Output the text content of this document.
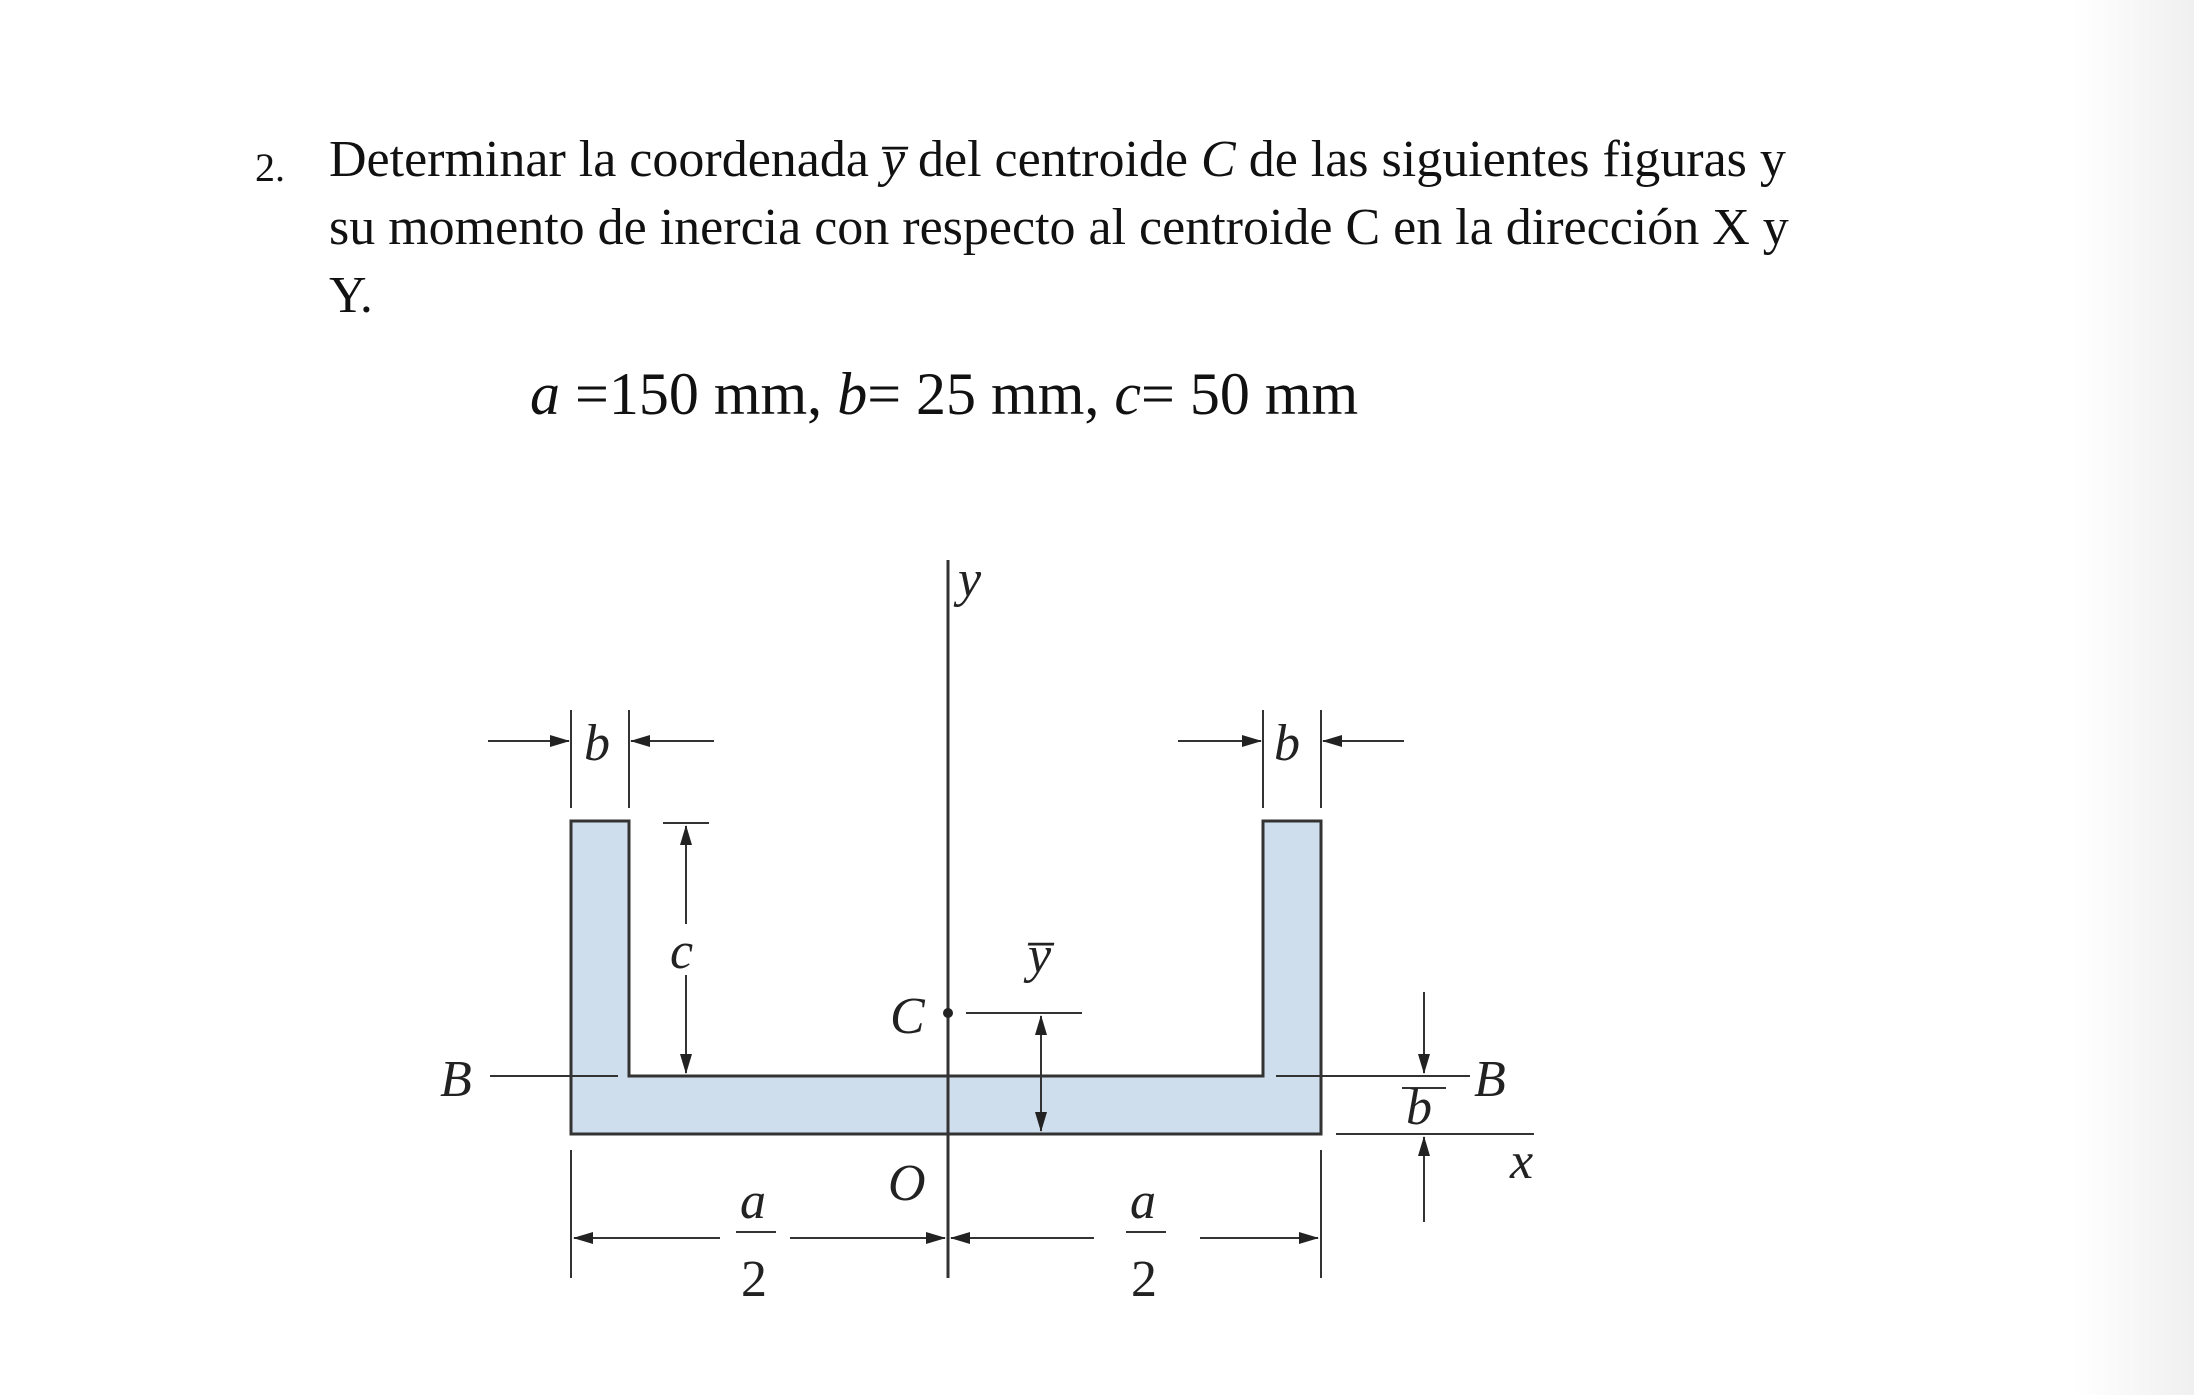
2. Determinar la coordenada y̅ del centroide C de las siguientes figuras y
su momento de inercia con respecto al centroide C en la dirección X y
Y.
a =150 mm, b= 25 mm, c= 50 mm
y
x
B	B
b	b
c
C
y̅
b
O
a
2
a
2
